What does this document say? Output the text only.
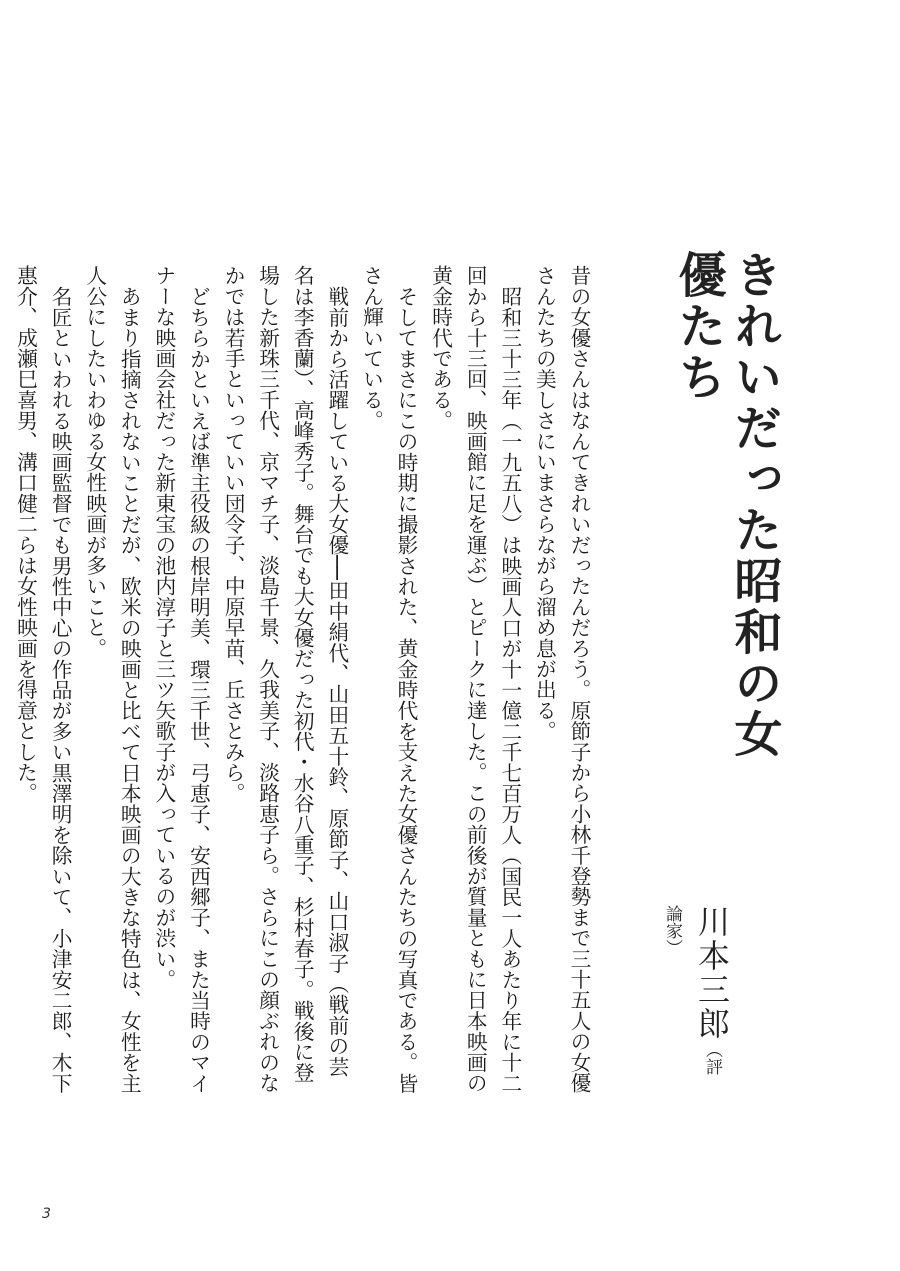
きれいだった昭和の女優たち
川本三郎（評論家）

昔の女優さんはなんてきれいだったんだろう。原節子から小林千登勢まで三十五人の女優さんたちの美しさにいまさらながら溜め息が出る。

昭和三十三年（一九五八）は映画人口が十一億二千七百万人（国民一人あたり年に十二回から十三回、映画館に足を運ぶ）とピークに達した。この前後が質量ともに日本映画の黄金時代である。

そしてまさにこの時期に撮影された、黄金時代を支えた女優さんたちの写真である。皆さん輝いている。

戦前から活躍している大女優──田中絹代、山田五十鈴、原節子、山口淑子（戦前の芸名は李香蘭）、高峰秀子。舞台でも大女優だった初代・水谷八重子、杉村春子。戦後に登場した新珠三千代、京マチ子、淡島千景、久我美子、淡路恵子ら。さらにこの顔ぶれのなかでは若手といっていい団令子、中原早苗、丘さとみら。

どちらかといえば準主役級の根岸明美、環三千世、弓恵子、安西郷子、また当時のマイナーな映画会社だった新東宝の池内淳子と三ツ矢歌子が入っているのが渋い。

あまり指摘されないことだが、欧米の映画と比べて日本映画の大きな特色は、女性を主人公にしたいわゆる女性映画が多いこと。

名匠といわれる映画監督でも男性中心の作品が多い黒澤明を除いて、小津安二郎、木下惠介、成瀬巳喜男、溝口健二らは女性映画を得意とした。

3
